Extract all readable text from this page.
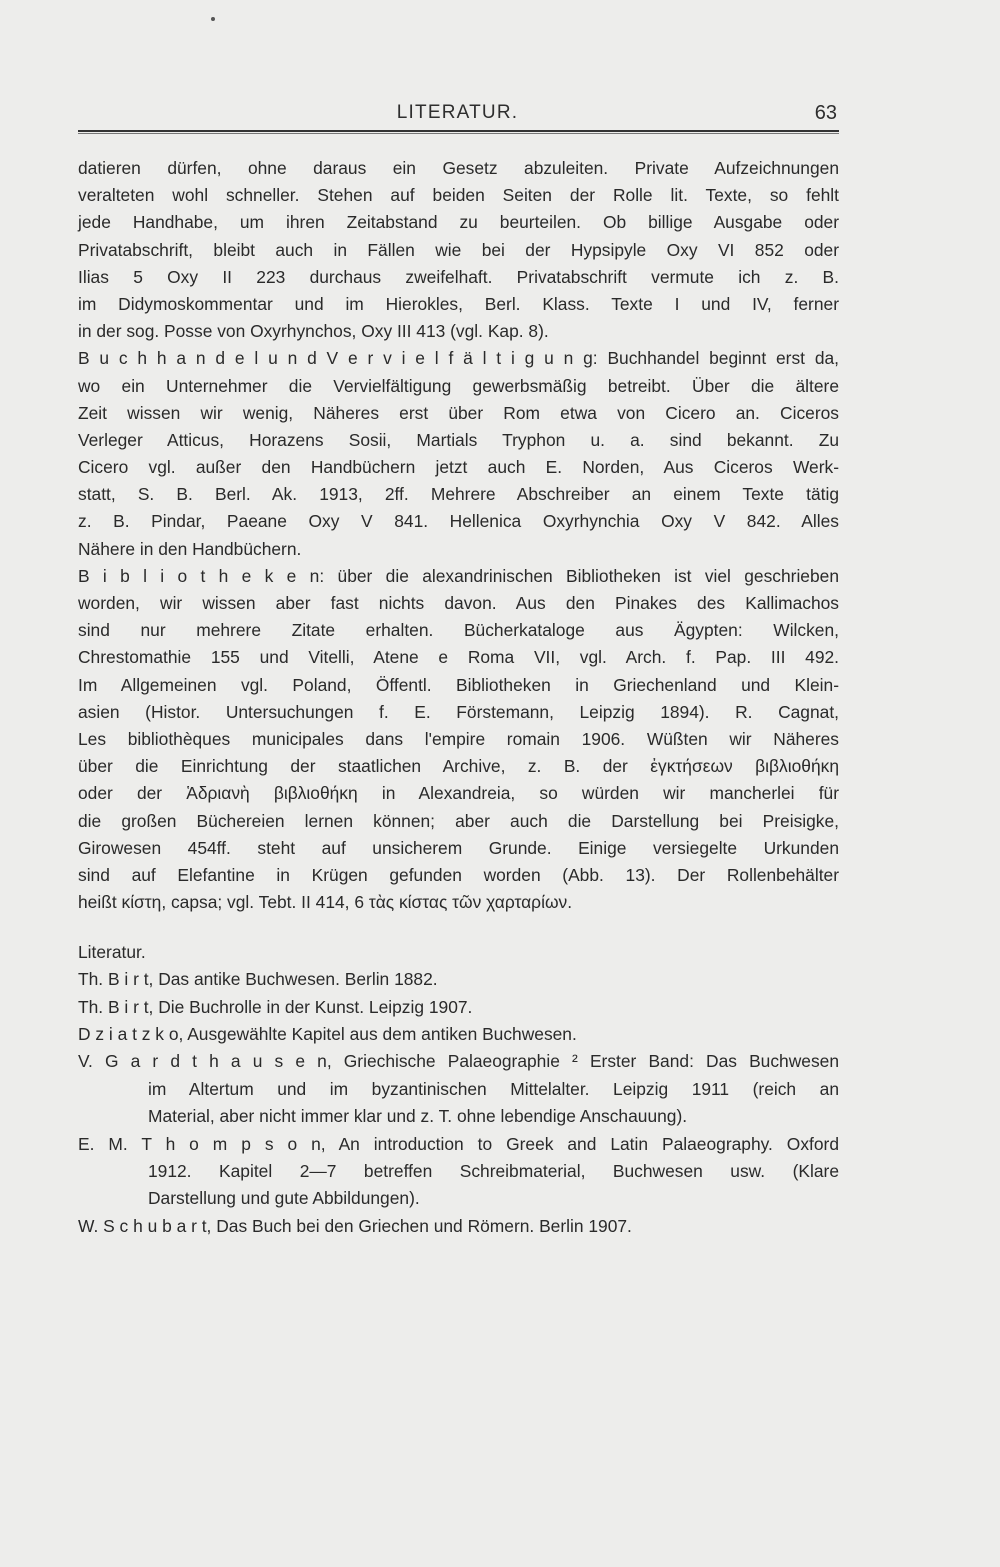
LITERATUR.	63
datieren dürfen, ohne daraus ein Gesetz abzuleiten. Private Aufzeichnungen
veralteten wohl schneller. Stehen auf beiden Seiten der Rolle lit. Texte, so fehlt
jede Handhabe, um ihren Zeitabstand zu beurteilen. Ob billige Ausgabe oder
Privatabschrift, bleibt auch in Fällen wie bei der Hypsipyle Oxy VI 852 oder
Ilias 5 Oxy II 223 durchaus zweifelhaft. Privatabschrift vermute ich z. B.
im Didymoskommentar und im Hierokles, Berl. Klass. Texte I und IV, ferner
in der sog. Posse von Oxyrhynchos, Oxy III 413 (vgl. Kap. 8).
B u c h h a n d e l u n d V e r v i e l f ä l t i g u n g: Buchhandel beginnt erst da,
wo ein Unternehmer die Vervielfältigung gewerbsmäßig betreibt. Über die ältere
Zeit wissen wir wenig, Näheres erst über Rom etwa von Cicero an. Ciceros
Verleger Atticus, Horazens Sosii, Martials Tryphon u. a. sind bekannt. Zu
Cicero vgl. außer den Handbüchern jetzt auch E. Norden, Aus Ciceros Werk-
statt, S. B. Berl. Ak. 1913, 2ff. Mehrere Abschreiber an einem Texte tätig
z. B. Pindar, Paeane Oxy V 841. Hellenica Oxyrhynchia Oxy V 842. Alles
Nähere in den Handbüchern.
B i b l i o t h e k e n: über die alexandrinischen Bibliotheken ist viel geschrieben
worden, wir wissen aber fast nichts davon. Aus den Pinakes des Kallimachos
sind nur mehrere Zitate erhalten. Bücherkataloge aus Ägypten: Wilcken,
Chrestomathie 155 und Vitelli, Atene e Roma VII, vgl. Arch. f. Pap. III 492.
Im Allgemeinen vgl. Poland, Öffentl. Bibliotheken in Griechenland und Klein-
asien (Histor. Untersuchungen f. E. Förstemann, Leipzig 1894). R. Cagnat,
Les bibliothèques municipales dans l'empire romain 1906. Wüßten wir Näheres
über die Einrichtung der staatlichen Archive, z. B. der ἐγκτήσεων βιβλιοθήκη
oder der Ἁδριανὴ βιβλιοθήκη in Alexandreia, so würden wir mancherlei für
die großen Büchereien lernen können; aber auch die Darstellung bei Preisigke,
Girowesen 454ff. steht auf unsicherem Grunde. Einige versiegelte Urkunden
sind auf Elefantine in Krügen gefunden worden (Abb. 13). Der Rollenbehälter
heißt κίστη, capsa; vgl. Tebt. II 414, 6 τὰς κίστας τῶν χαρταρίων.
Literatur.
Th. B i r t, Das antike Buchwesen. Berlin 1882.
Th. B i r t, Die Buchrolle in der Kunst. Leipzig 1907.
D z i a t z k o, Ausgewählte Kapitel aus dem antiken Buchwesen.
V. G a r d t h a u s e n, Griechische Palaeographie ² Erster Band: Das Buchwesen
im Altertum und im byzantinischen Mittelalter. Leipzig 1911 (reich an
Material, aber nicht immer klar und z. T. ohne lebendige Anschauung).
E. M. T h o m p s o n, An introduction to Greek and Latin Palaeography. Oxford
1912. Kapitel 2—7 betreffen Schreibmaterial, Buchwesen usw. (Klare
Darstellung und gute Abbildungen).
W. S c h u b a r t, Das Buch bei den Griechen und Römern. Berlin 1907.
